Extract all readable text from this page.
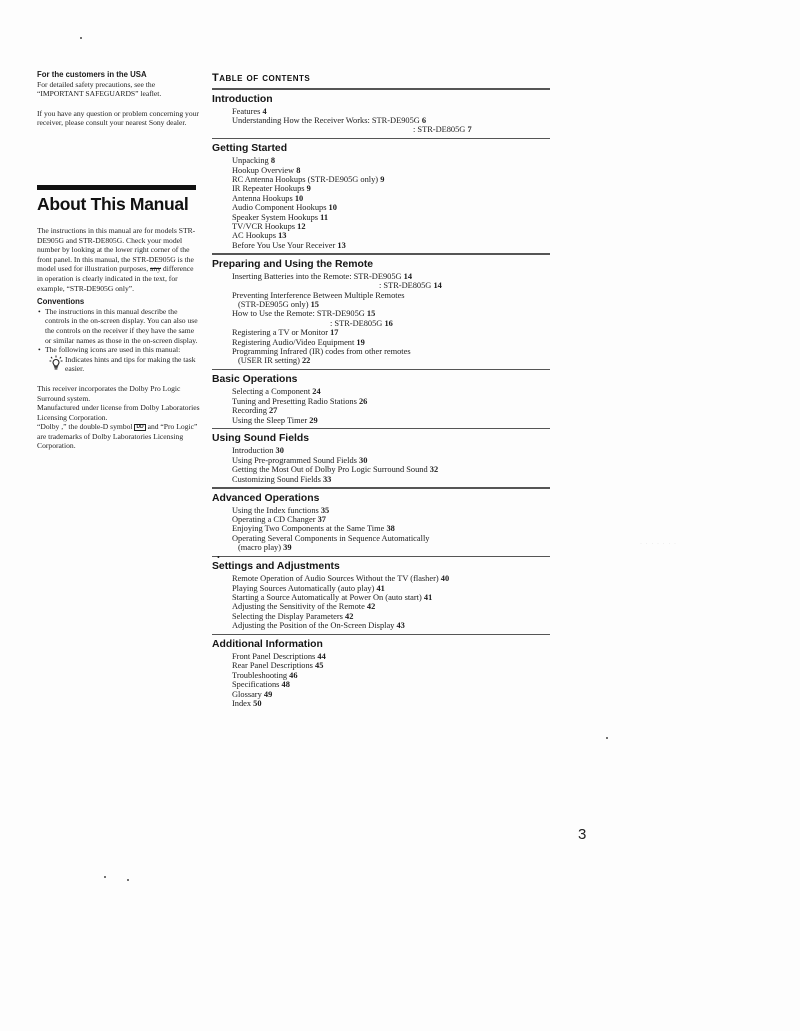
For the customers in the USA

For detailed safety precautions, see the “IMPORTANT SAFEGUARDS” leaflet.

If you have any question or problem concerning your receiver, please consult your nearest Sony dealer.

About This Manual

The instructions in this manual are for models STR-DE905G and STR-DE805G. Check your model number by looking at the lower right corner of the front panel. In this manual, the STR-DE905G is the model used for illustration purposes, any difference in operation is clearly indicated in the text, for example, “STR-DE905G only”.

Conventions

• The instructions in this manual describe the controls in the on-screen display. You can also use the controls on the receiver if they have the same or similar names as those in the on-screen display.
• The following icons are used in this manual:
Indicates hints and tips for making the task easier.

This receiver incorporates the Dolby Pro Logic Surround system.
Manufactured under license from Dolby Laboratories Licensing Corporation.
“Dolby ,” the double-D symbol DD and “Pro Logic” are trademarks of Dolby Laboratories Licensing Corporation.

Table of contents
Introduction
Features 4
Understanding How the Receiver Works: STR-DE905G 6
: STR-DE805G 7
Getting Started
Unpacking 8
Hookup Overview 8
RC Antenna Hookups (STR-DE905G only) 9
IR Repeater Hookups 9
Antenna Hookups 10
Audio Component Hookups 10
Speaker System Hookups 11
TV/VCR Hookups 12
AC Hookups 13
Before You Use Your Receiver 13
Preparing and Using the Remote
Inserting Batteries into the Remote: STR-DE905G 14
: STR-DE805G 14
Preventing Interference Between Multiple Remotes
(STR-DE905G only) 15
How to Use the Remote: STR-DE905G 15
: STR-DE805G 16
Registering a TV or Monitor 17
Registering Audio/Video Equipment 19
Programming Infrared (IR) codes from other remotes
(USER IR setting) 22
Basic Operations
Selecting a Component 24
Tuning and Presetting Radio Stations 26
Recording 27
Using the Sleep Timer 29
Using Sound Fields
Introduction 30
Using Pre-programmed Sound Fields 30
Getting the Most Out of Dolby Pro Logic Surround Sound 32
Customizing Sound Fields 33
Advanced Operations
Using the Index functions 35
Operating a CD Changer 37
Enjoying Two Components at the Same Time 38
Operating Several Components in Sequence Automatically
(macro play) 39
Settings and Adjustments
Remote Operation of Audio Sources Without the TV (flasher) 40
Playing Sources Automatically (auto play) 41
Starting a Source Automatically at Power On (auto start) 41
Adjusting the Sensitivity of the Remote 42
Selecting the Display Parameters 42
Adjusting the Position of the On-Screen Display 43
Additional Information
Front Panel Descriptions 44
Rear Panel Descriptions 45
Troubleshooting 46
Specifications 48
Glossary 49
Index 50
•
· · · · · · ·
3
